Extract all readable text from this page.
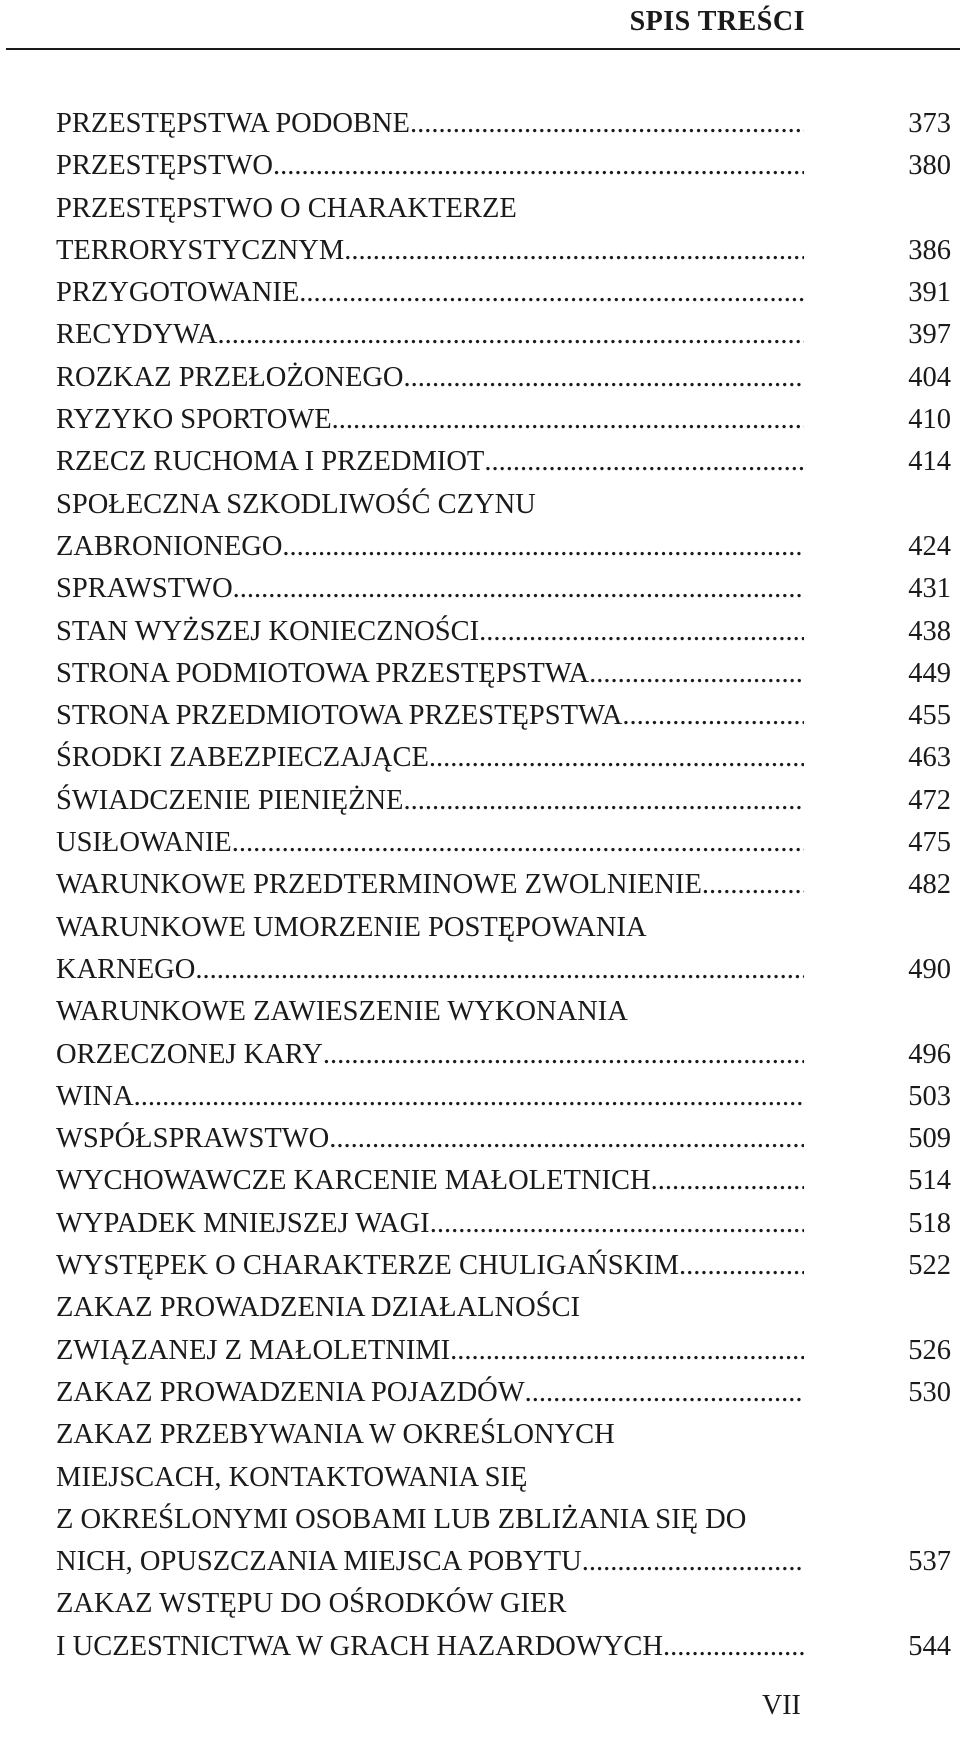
SPIS TREŚCI
PRZESTĘPSTWA PODOBNE .....	373
PRZESTĘPSTWO .....	380
PRZESTĘPSTWO O CHARAKTERZE
TERRORYSTYCZNYM .....	386
PRZYGOTOWANIE .....	391
RECYDYWA .....	397
ROZKAZ PRZEŁOŻONEGO .....	404
RYZYKO SPORTOWE .....	410
RZECZ RUCHOMA I PRZEDMIOT .....	414
SPOŁECZNA SZKODLIWOŚĆ CZYNU
ZABRONIONEGO .....	424
SPRAWSTWO .....	431
STAN WYŻSZEJ KONIECZNOŚCI .....	438
STRONA PODMIOTOWA PRZESTĘPSTWA .....	449
STRONA PRZEDMIOTOWA PRZESTĘPSTWA .....	455
ŚRODKI ZABEZPIECZAJĄCE .....	463
ŚWIADCZENIE PIENIĘŻNE .....	472
USIŁOWANIE .....	475
WARUNKOWE PRZEDTERMINOWE ZWOLNIENIE .....	482
WARUNKOWE UMORZENIE POSTĘPOWANIA
KARNEGO .....	490
WARUNKOWE ZAWIESZENIE WYKONANIA
ORZECZONEJ KARY .....	496
WINA .....	503
WSPÓŁSPRAWSTWO .....	509
WYCHOWAWCZE KARCENIE MAŁOLETNICH .....	514
WYPADEK MNIEJSZEJ WAGI .....	518
WYSTĘPEK O CHARAKTERZE CHULIGAŃSKIM .....	522
ZAKAZ PROWADZENIA DZIAŁALNOŚCI
ZWIĄZANEJ Z MAŁOLETNIMI .....	526
ZAKAZ PROWADZENIA POJAZDÓW .....	530
ZAKAZ PRZEBYWANIA W OKREŚLONYCH
MIEJSCACH, KONTAKTOWANIA SIĘ
Z OKREŚLONYMI OSOBAMI LUB ZBLIŻANIA SIĘ DO
NICH, OPUSZCZANIA MIEJSCA POBYTU .....	537
ZAKAZ WSTĘPU DO OŚRODKÓW GIER
I UCZESTNICTWA W GRACH HAZARDOWYCH .....	544
VII
